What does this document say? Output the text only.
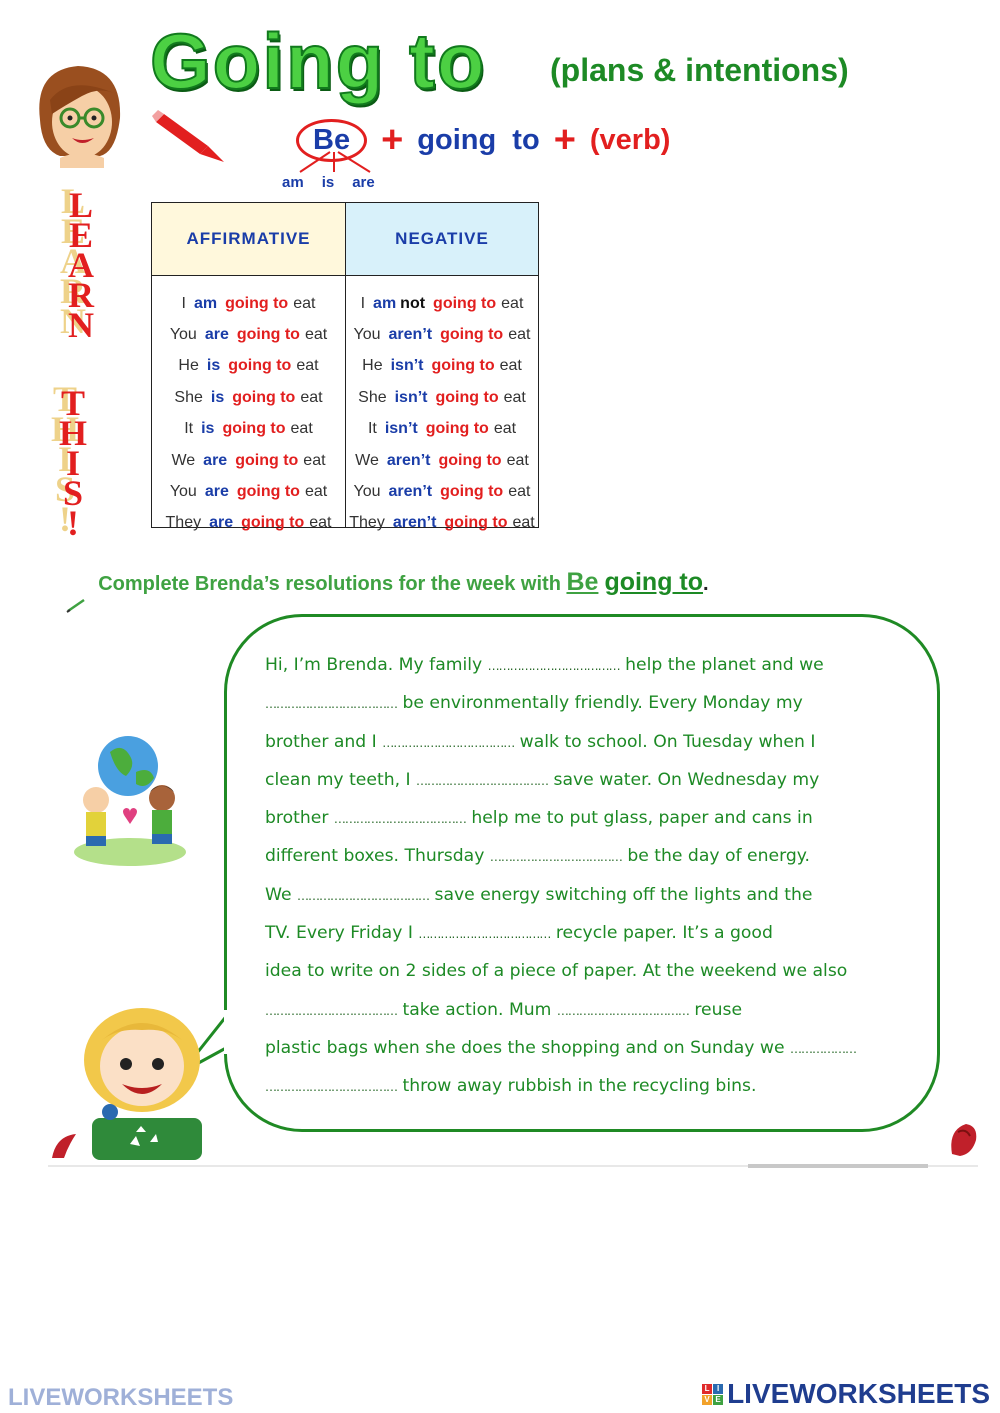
Going to (plans & intentions)
Be + going  to + (verb)
am is are
L
E
A
R
N
T
H
I
S
!
AFFIRMATIVE
I am going to eat
You are going to eat
He is going to eat
She is going to eat
It is going to eat
We are going to eat
You are going to eat
They are going to eat
NEGATIVE
I am not going to eat
You aren’t going to eat
He isn’t going to eat
She isn’t going to eat
It isn’t going to eat
We aren’t going to eat
You aren’t going to eat
They aren’t going to eat

Complete Brenda’s resolutions for the week with Be going to .
Hi, I’m Brenda. My family ……………………………… help the planet and we
……………………………… be environmentally friendly. Every Monday my
brother and I ……………………………… walk to school. On Tuesday when I
clean my teeth, I ……………………………… save water. On Wednesday my
brother ……………………………… help me to put glass, paper and cans in
different boxes. Thursday ……………………………… be the day of energy.
We ……………………………… save energy switching off the lights and the
TV. Every Friday I ……………………………… recycle paper. It’s a good
idea to write on 2 sides of a piece of paper. At the weekend we also
……………………………… take action. Mum ……………………………… reuse
plastic bags when she does the shopping and on Sunday we ………………
……………………………… throw away rubbish in the recycling bins.
LIVEWORKSHEETS	L I
V E LIVEWORKSHEETS
